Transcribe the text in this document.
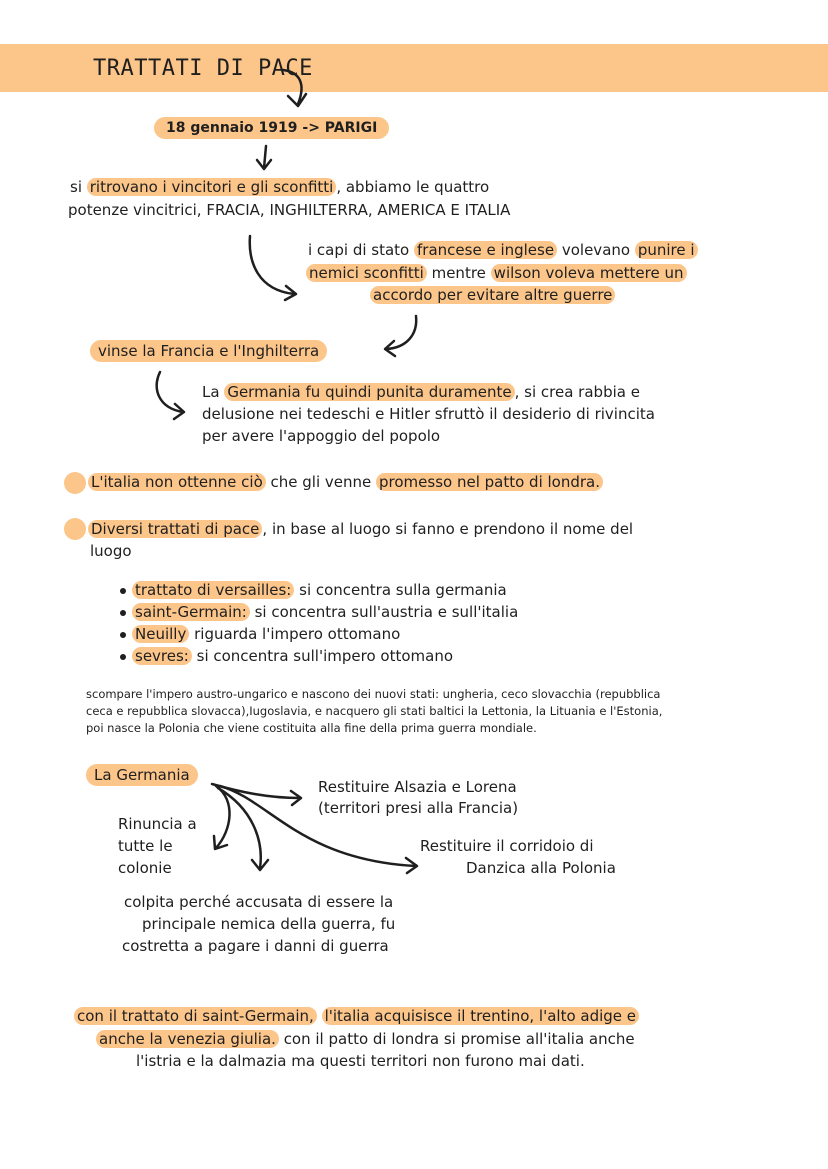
TRATTATI DI PACE
18 gennaio 1919 -> PARIGI
si ritrovano i vincitori e gli sconfitti , abbiamo le quattro
potenze vincitrici, FRACIA, INGHILTERRA, AMERICA E ITALIA
i capi di stato francese e inglese volevano punire i
nemici sconfitti mentre wilson voleva mettere un
accordo per evitare altre guerre
vinse la Francia e l'Inghilterra
La Germania fu quindi punita duramente , si crea rabbia e
delusione nei tedeschi e Hitler sfruttò il desiderio di rivincita
per avere l'appoggio del popolo
L'italia non ottenne ciò che gli venne promesso nel patto di londra.
Diversi trattati di pace , in base al luogo si fanno e prendono il nome del
luogo
trattato di versailles: si concentra sulla germania
saint-Germain: si concentra sull'austria e sull'italia
Neuilly riguarda l'impero ottomano
sevres: si concentra sull'impero ottomano
scompare l'impero austro-ungarico e nascono dei nuovi stati: ungheria, ceco slovacchia (repubblica
ceca e repubblica slovacca),Iugoslavia, e nacquero gli stati baltici la Lettonia, la Lituania e l'Estonia,
poi nasce la Polonia che viene costituita alla fine della prima guerra mondiale.
La Germania
Restituire Alsazia e Lorena
(territori presi alla Francia)
Rinuncia a
tutte le
colonie
Restituire il corridoio di
Danzica alla Polonia
colpita perché accusata di essere la
principale nemica della guerra, fu
costretta a pagare i danni di guerra
con il trattato di saint-Germain, l'italia acquisisce il trentino, l'alto adige e
anche la venezia giulia. con il patto di londra si promise all'italia anche
l'istria e la dalmazia ma questi territori non furono mai dati.
